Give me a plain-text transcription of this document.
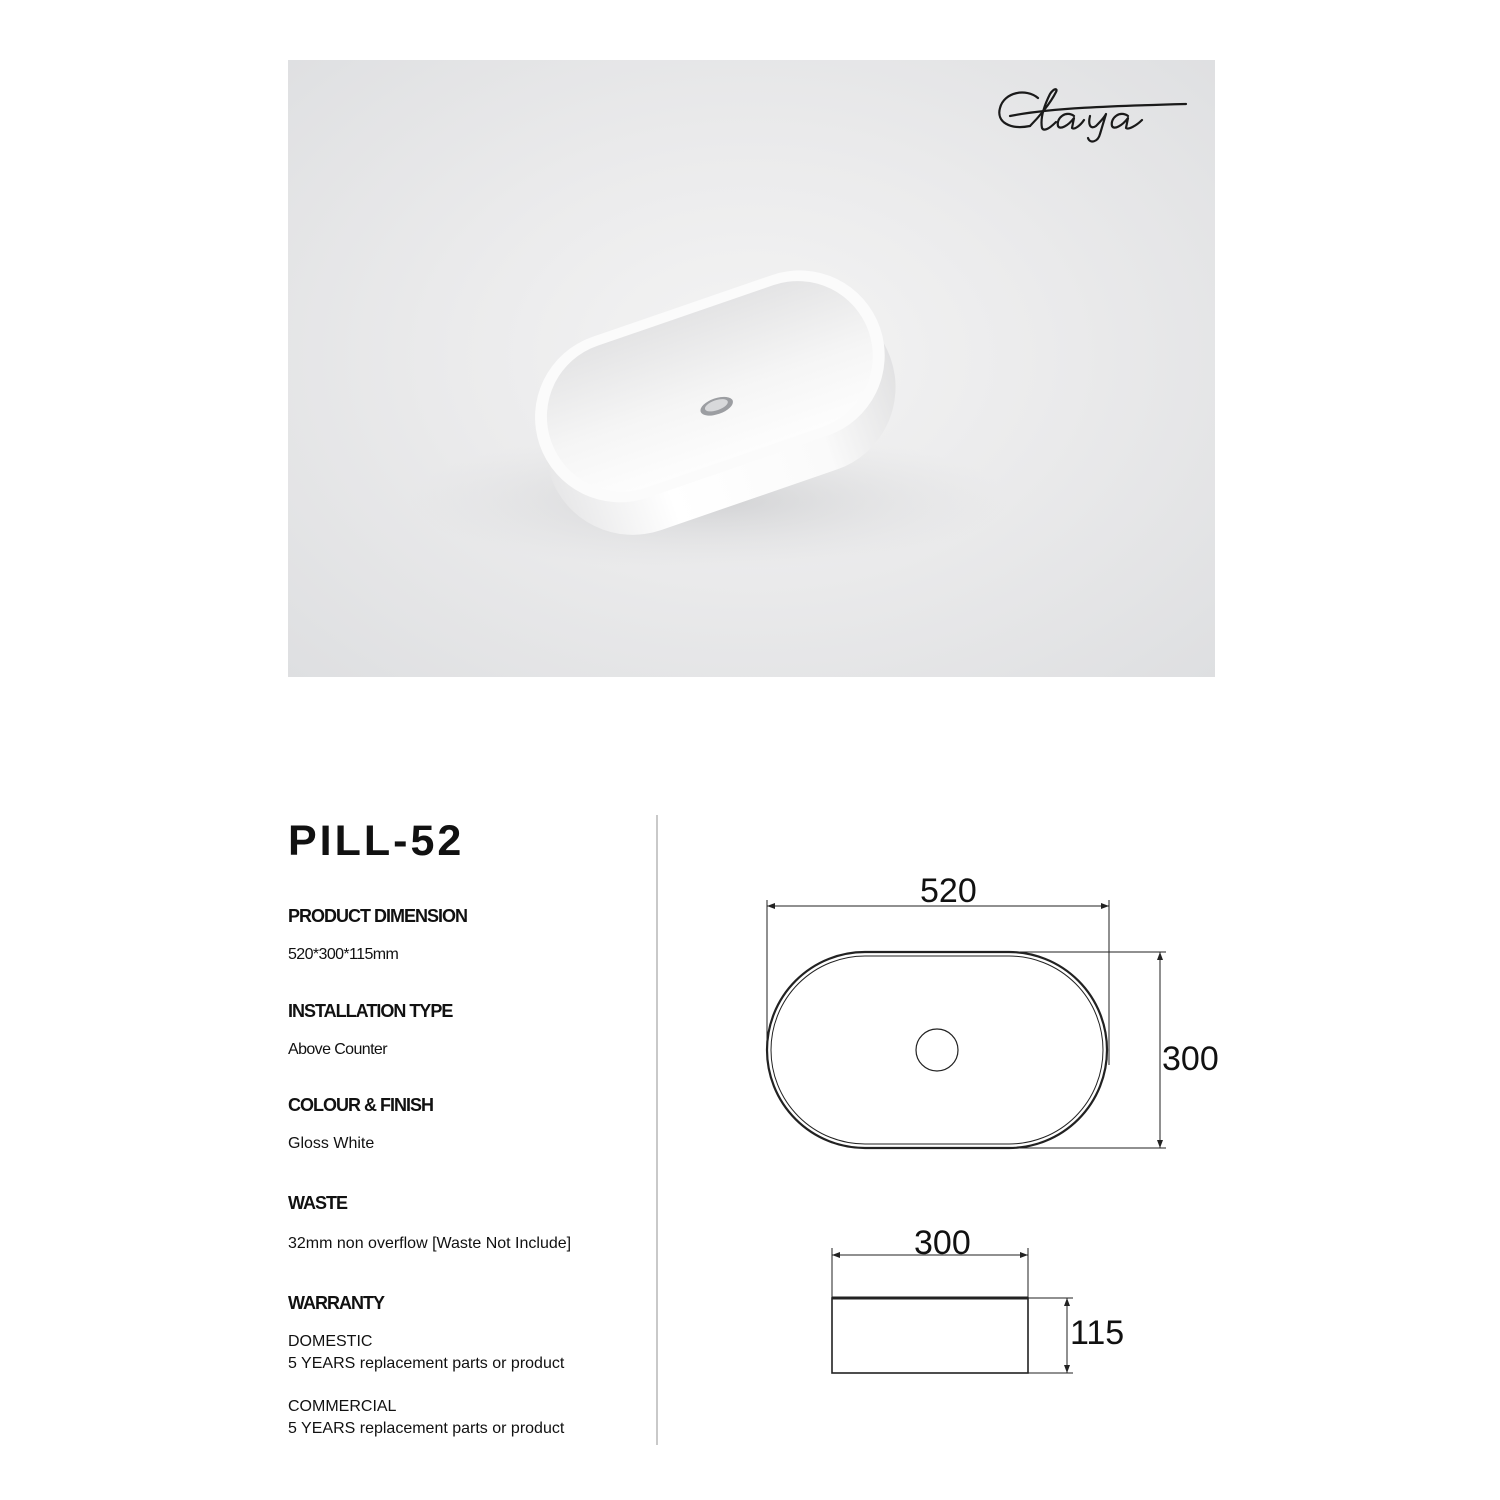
PILL-52
PRODUCT DIMENSION
520*300*115mm
INSTALLATION TYPE
Above Counter
COLOUR & FINISH
Gloss White
WASTE
32mm non overflow [Waste Not Include]
WARRANTY
DOMESTIC
5 YEARS replacement parts or product
COMMERCIAL
5 YEARS replacement parts or product
520
300
300
115
